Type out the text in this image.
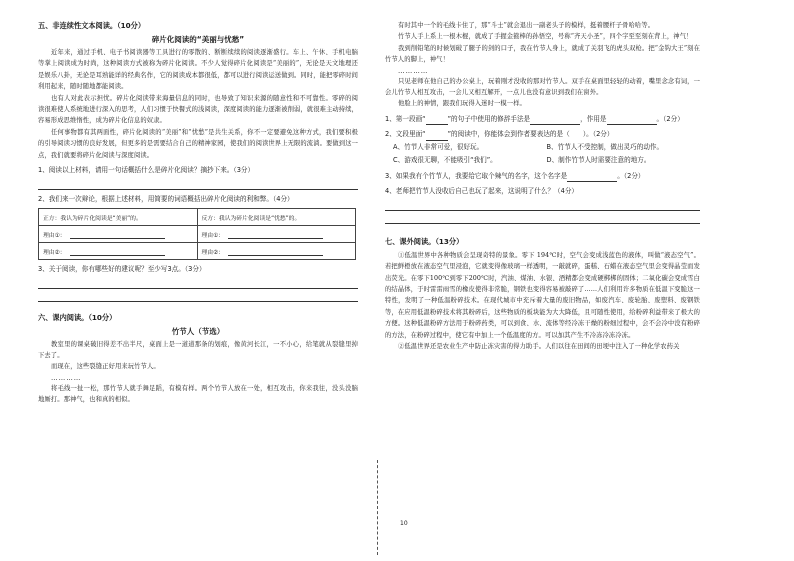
五、非连续性文本阅读。（10分）

碎片化阅读的“美丽与忧愁”

近年来，通过手机、电子书阅读器等工具进行的零散的、断断续续的阅读逐渐盛行。车上、午休、手机电脑等掌上阅读成为时尚，这种阅读方式被称为碎片化阅读。不少人觉得碎片化阅读是“美丽的”，无论是天文地理还是娱乐八卦，无论是耳熟能详的经典名作，它的阅读成本都很低，都可以进行阅读运送做到。同时，能把零碎时间利用起来，随时随地都能阅读。

也有人对此表示担忧。碎片化阅读带来海量信息的同时，也导致了知识来源的随意性和不可靠性。零碎的阅读很难使人系统地进行深入的思考，人们习惯于快餐式的浅阅读，深度阅读的能力逐渐被削弱，就很难主动持续，容易形成思维惰性，成为碎片化信息的奴隶。

任何事物都有其两面性，碎片化阅读的“美丽”和“忧愁”是共生关系，你不一定要避免这种方式，我们要积极的引导阅读习惯的良好发展，但更多的是需要结合自己的精神家园，使我们的阅读世界上无限的流淌。要做到这一点，我们就要将碎片化阅读与深度阅读。

1、阅读以上材料，请用一句话概括什么是碎片化阅读？摘抄下来。（3分）

2、我们来一次辩论，根据上述材料，用简要的词语概括出碎片化阅读的利和弊。（4分）

正方：我认为碎片化阅读是“美丽”的。	反方：我认为碎片化阅读是“忧愁”的。
理由①：	理由①：
理由②：	理由②：

3、关于阅读，你有哪些好的建议呢？至少写3点。（3分）

六、课内阅读。（10分）

竹节人（节选）

教室里的课桌破旧得差不出半尺，桌面上是一道道那条的划痕，像黄河长江，一不小心，给笔就从裂缝里掉下去了。

而现在，这些裂缝正好用来玩竹节人。

…………

将毛线一扯一松，那竹节人就手舞足蹈，有模有样。两个竹节人放在一处，相互攻击，你来我往，没头没脑地厮打。那神气，也和真的相似。

有时其中一个的毛线卡住了，那“斗士”就会退出一副老头子的模样，挺着腰杆子骨哈哈等。

竹节人手上系上一根木棍，就成了手握金箍棒的孙悟空，号称“齐天小圣”，四个字至至刻在背上，神气！

我到削铅笔的时候划破了腿子的剑的口子，我在竹节人身上，就成了关羽飞的虎头双枪。把“金钩大王”刻在竹节人的脚上，神气！

…………

只见老师在他自己的办公桌上，玩着刚才没收的那对竹节人。双手在桌面里轻轻的动着，嘴里念念有词，一会儿竹节人相互攻击，一会儿又相互解开，一点儿也没有意识到我们在窗外。

他脸上的神情，跟我们玩得入迷时一模一样。

1、第一段画“	”的句子中使用的修辞手法是	，作用是	。（2分）

2、文段里面“	”的阅读中，你能体会到作者要表达的是（　　）。（2分）

A、竹节人非常可爱，很好玩。	B、竹节人不受控制，做出灵巧的动作。
C、游戏很无聊，不能吸引“我们”。	D、制作竹节人时需要注意的地方。

3、如果我有个竹节人，我要给它取个辣气的名字，这个名字是	。（2分）

4、老师把竹节人没收后自己也玩了起来，这说明了什么？（4分）

七、课外阅读。（13分）

①低温世界中各种物质会呈现奇特的景象。零下 194℃时，空气会变成浅蓝色的液体，叫做“液态空气”。若把鲜橙放在液态空气里浸泡，它就变得像玻璃一样透明，一敲就碎，蛋糕、石蜡在液态空气里会变得晶莹而发出荧光。在零下100℃到零下200℃时，汽油、煤油、水银、酒精都会变成硬梆梆的固体；二氧化碳会变成雪白的结晶体，于时雷雷雨雪的橡皮使得非常脆，钢铁也变得容易被敲碎了……人们利用许多物质在低温下变脆这一特性，发明了一种低温粉碎技术。在现代城市中充斥着大量的废旧物品，如废汽车、废轮胎、废塑料、废钢铁等，在应用低温粉碎技术将其粉碎后，这些物质的板块能为大大降低，且可随性使用，给粉碎利益带来了极大的方便。这种低温粉碎方法用于粉碎药类，可以到食、水、流体等经冷冻干燥的粉细过程中，会不会冷中没有粉碎的方法，在粉碎过程中，使它有中加上一个低温度的方。可以加其产生不冷冻冷冻冷冻。

②低温世界还是农业生产中防止冻灾害的得力助手。人们以往在田间的田埂中注入了一种化学农药关

10
